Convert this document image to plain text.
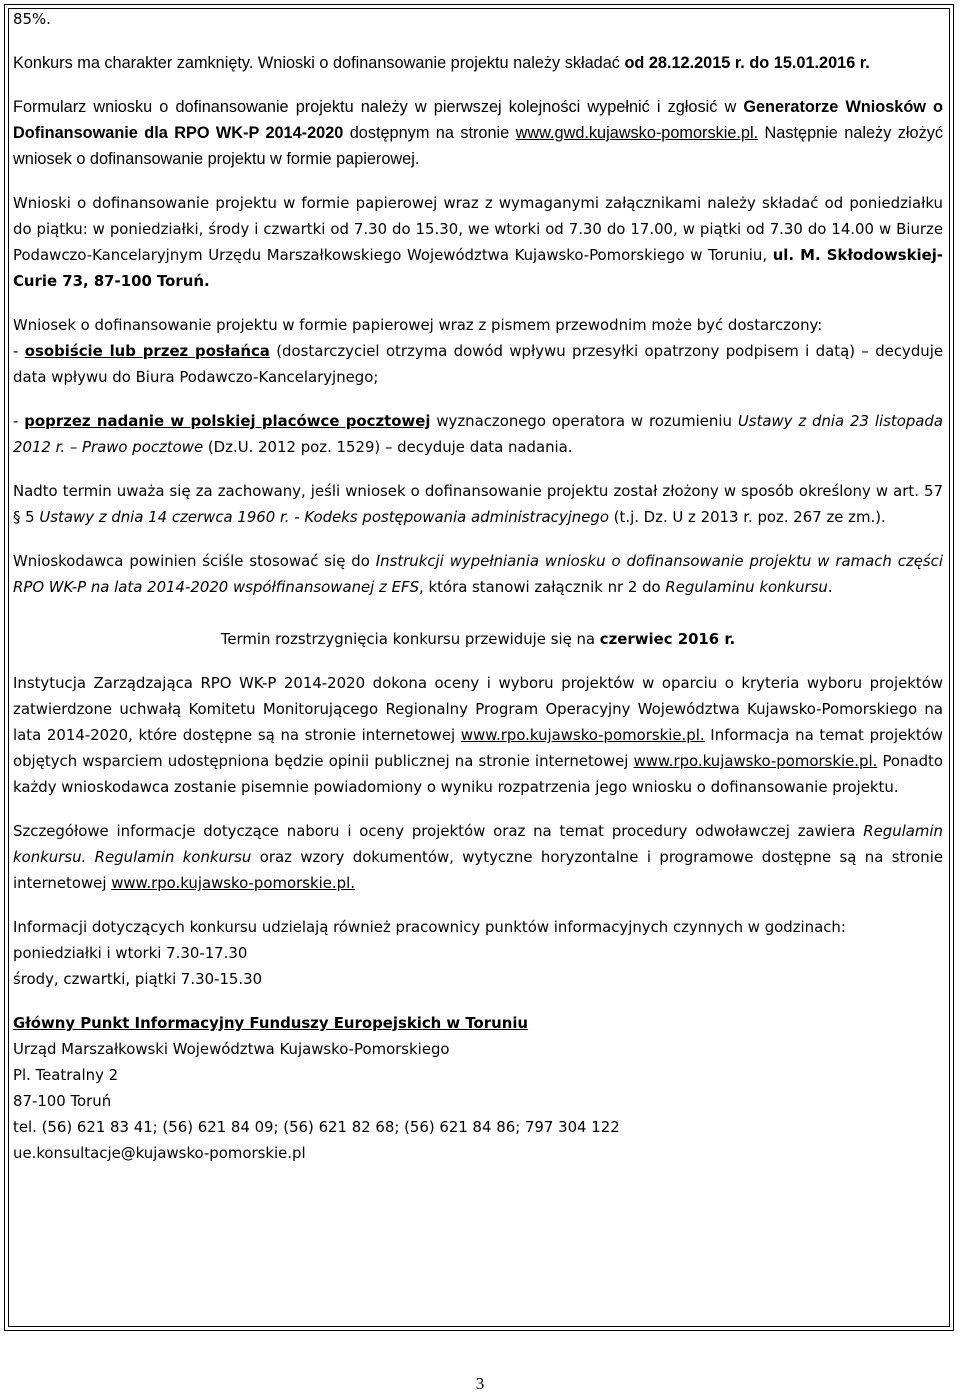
85%.

Konkurs ma charakter zamknięty. Wnioski o dofinansowanie projektu należy składać od 28.12.2015 r. do 15.01.2016 r.

Formularz wniosku o dofinansowanie projektu należy w pierwszej kolejności wypełnić i zgłosić w Generatorze Wniosków o Dofinansowanie dla RPO WK-P 2014-2020 dostępnym na stronie www.gwd.kujawsko-pomorskie.pl. Następnie należy złożyć wniosek o dofinansowanie projektu w formie papierowej.

Wnioski o dofinansowanie projektu w formie papierowej wraz z wymaganymi załącznikami należy składać od poniedziałku do piątku: w poniedziałki, środy i czwartki od 7.30 do 15.30, we wtorki od 7.30 do 17.00, w piątki od 7.30 do 14.00 w Biurze Podawczo-Kancelaryjnym Urzędu Marszałkowskiego Województwa Kujawsko-Pomorskiego w Toruniu, ul. M. Skłodowskiej-Curie 73, 87-100 Toruń.

Wniosek o dofinansowanie projektu w formie papierowej wraz z pismem przewodnim może być dostarczony:
- osobiście lub przez posłańca (dostarczyciel otrzyma dowód wpływu przesyłki opatrzony podpisem i datą) – decyduje data wpływu do Biura Podawczo-Kancelaryjnego;

- poprzez nadanie w polskiej placówce pocztowej wyznaczonego operatora w rozumieniu Ustawy z dnia 23 listopada 2012 r. – Prawo pocztowe (Dz.U. 2012 poz. 1529) – decyduje data nadania.

Nadto termin uważa się za zachowany, jeśli wniosek o dofinansowanie projektu został złożony w sposób określony w art. 57 § 5 Ustawy z dnia 14 czerwca 1960 r. - Kodeks postępowania administracyjnego (t.j. Dz. U z 2013 r. poz. 267 ze zm.).

Wnioskodawca powinien ściśle stosować się do Instrukcji wypełniania wniosku o dofinansowanie projektu w ramach części RPO WK-P na lata 2014-2020 współfinansowanej z EFS, która stanowi załącznik nr 2 do Regulaminu konkursu.

Termin rozstrzygnięcia konkursu przewiduje się na czerwiec 2016 r.

Instytucja Zarządzająca RPO WK-P 2014-2020 dokona oceny i wyboru projektów w oparciu o kryteria wyboru projektów zatwierdzone uchwałą Komitetu Monitorującego Regionalny Program Operacyjny Województwa Kujawsko-Pomorskiego na lata 2014-2020, które dostępne są na stronie internetowej www.rpo.kujawsko-pomorskie.pl. Informacja na temat projektów objętych wsparciem udostępniona będzie opinii publicznej na stronie internetowej www.rpo.kujawsko-pomorskie.pl. Ponadto każdy wnioskodawca zostanie pisemnie powiadomiony o wyniku rozpatrzenia jego wniosku o dofinansowanie projektu.

Szczegółowe informacje dotyczące naboru i oceny projektów oraz na temat procedury odwoławczej zawiera Regulamin konkursu. Regulamin konkursu oraz wzory dokumentów, wytyczne horyzontalne i programowe dostępne są na stronie internetowej www.rpo.kujawsko-pomorskie.pl.

Informacji dotyczących konkursu udzielają również pracownicy punktów informacyjnych czynnych w godzinach:
poniedziałki i wtorki 7.30-17.30
środy, czwartki, piątki 7.30-15.30

Główny Punkt Informacyjny Funduszy Europejskich w Toruniu
Urząd Marszałkowski Województwa Kujawsko-Pomorskiego
Pl. Teatralny 2
87-100 Toruń
tel. (56) 621 83 41; (56) 621 84 09; (56) 621 82 68; (56) 621 84 86; 797 304 122
ue.konsultacje@kujawsko-pomorskie.pl

3
